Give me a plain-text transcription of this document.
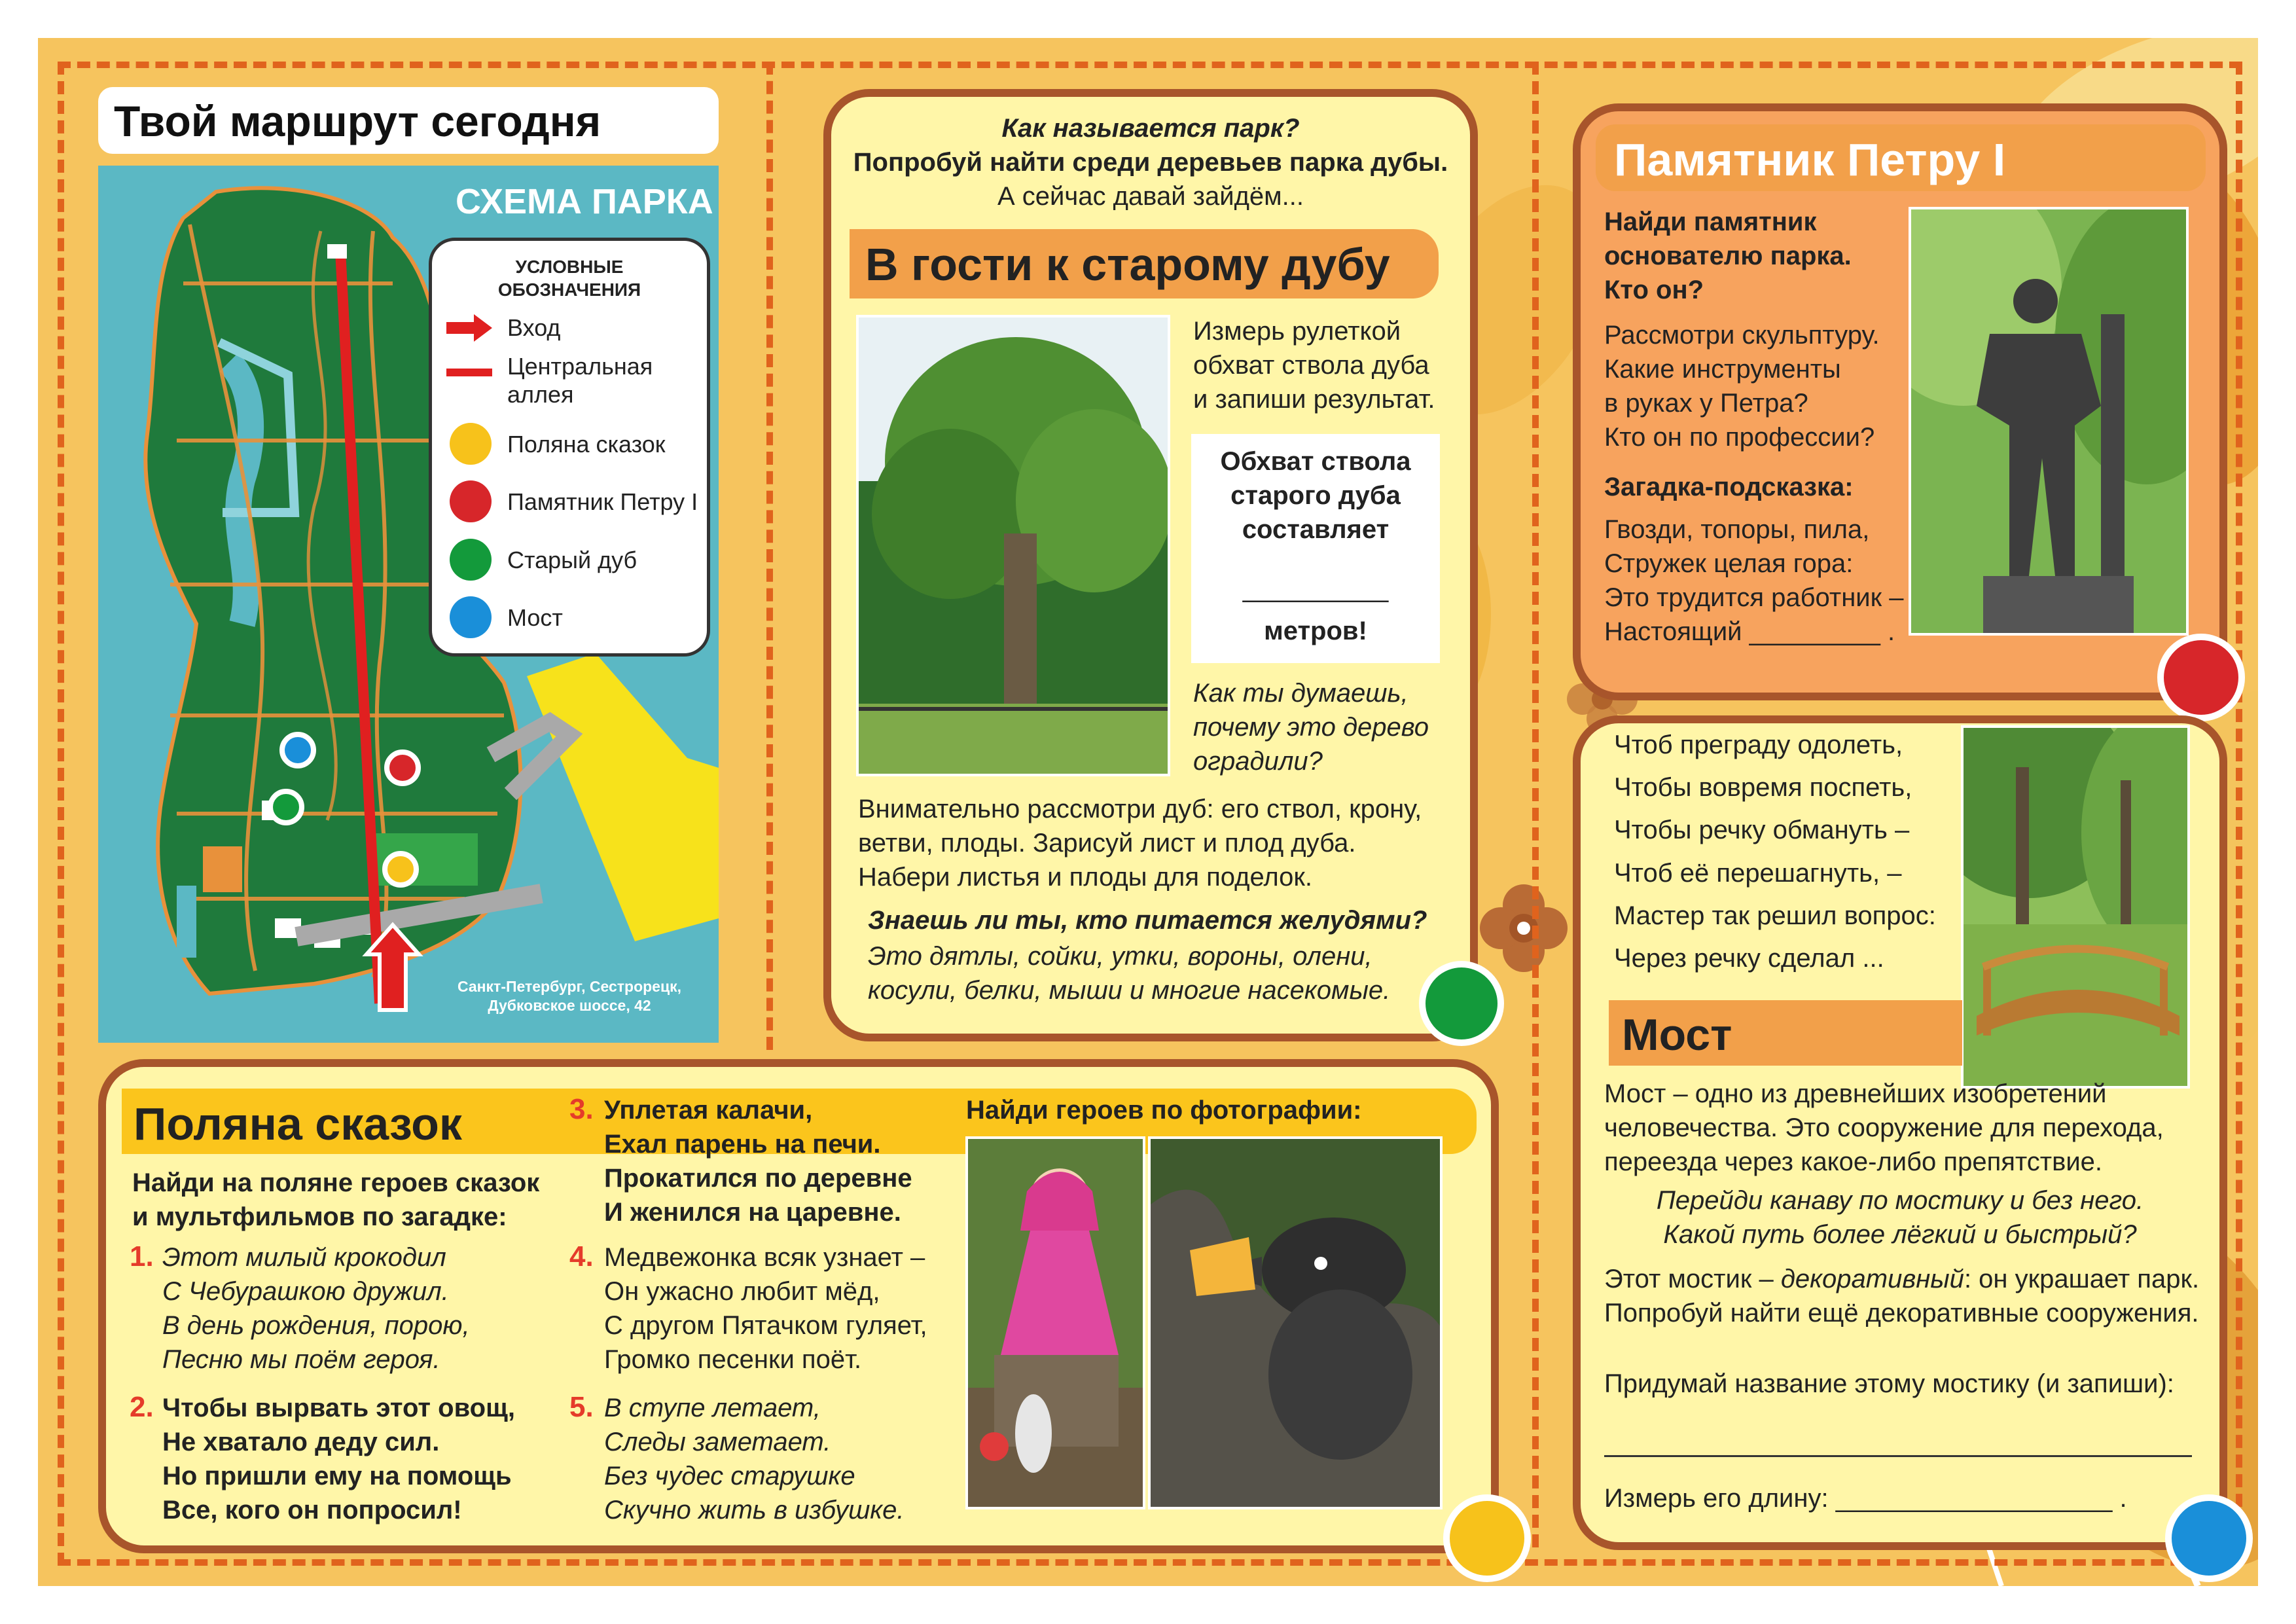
Твой маршрут сегодня
СХЕМА ПАРКА
УСЛОВНЫЕ
ОБОЗНАЧЕНИЯ
Вход
Центральная
аллея
Поляна сказок
Памятник Петру I
Старый дуб
Мост
Санкт-Петербург, Сестрорецк,
Дубковское шоссе, 42
Как называется парк?
Попробуй найти среди деревьев парка дубы.
А сейчас давай зайдём...
В гости к старому дубу
Измерь рулеткой
обхват ствола дуба
и запиши результат.
Обхват ствола
старого дуба
составляет
__________
метров!
Как ты думаешь,
почему это дерево
оградили?
Внимательно рассмотри дуб: его ствол, крону,
ветви, плоды. Зарисуй лист и плод дуба.
Набери листья и плоды для поделок.
Знаешь ли ты, кто питается желудями?
Это дятлы, сойки, утки, вороны, олени,
косули, белки, мыши и многие насекомые.
Памятник Петру I
Найди памятник
основателю парка.
Кто он?
Рассмотри скульптуру.
Какие инструменты
в руках у Петра?
Кто он по профессии?
Загадка-подсказка:
Гвозди, топоры, пила,
Стружек целая гора:
Это трудится работник –
Настоящий _________ .
Чтоб преграду одолеть,
Чтобы вовремя поспеть,
Чтобы речку обмануть –
Чтоб её перешагнуть, –
Мастер так решил вопрос:
Через речку сделал ...
Мост
Мост – одно из древнейших изобретений
человечества. Это сооружение для перехода,
переезда через какое-либо препятствие.
Перейди канаву по мостику и без него.
Какой путь более лёгкий и быстрый?
Этот мостик – декоративный: он украшает парк.
Попробуй найти ещё декоративные сооружения.
Придумай название этому мостику (и запиши):
Измерь его длину: ___________________ .
Поляна сказок
Найди на поляне героев сказок
и мультфильмов по загадке:
1. Этот милый крокодил
С Чебурашкою дружил.
В день рождения, порою,
Песню мы поём героя.
2. Чтобы вырвать этот овощ,
Не хватало деду сил.
Но пришли ему на помощь
Все, кого он попросил!
3. Уплетая калачи,
Ехал парень на печи.
Прокатился по деревне
И женился на царевне.
4. Медвежонка всяк узнает –
Он ужасно любит мёд,
С другом Пятачком гуляет,
Громко песенки поёт.
5. В ступе летает,
Следы заметает.
Без чудес старушке
Скучно жить в избушке.
Найди героев по фотографии:
